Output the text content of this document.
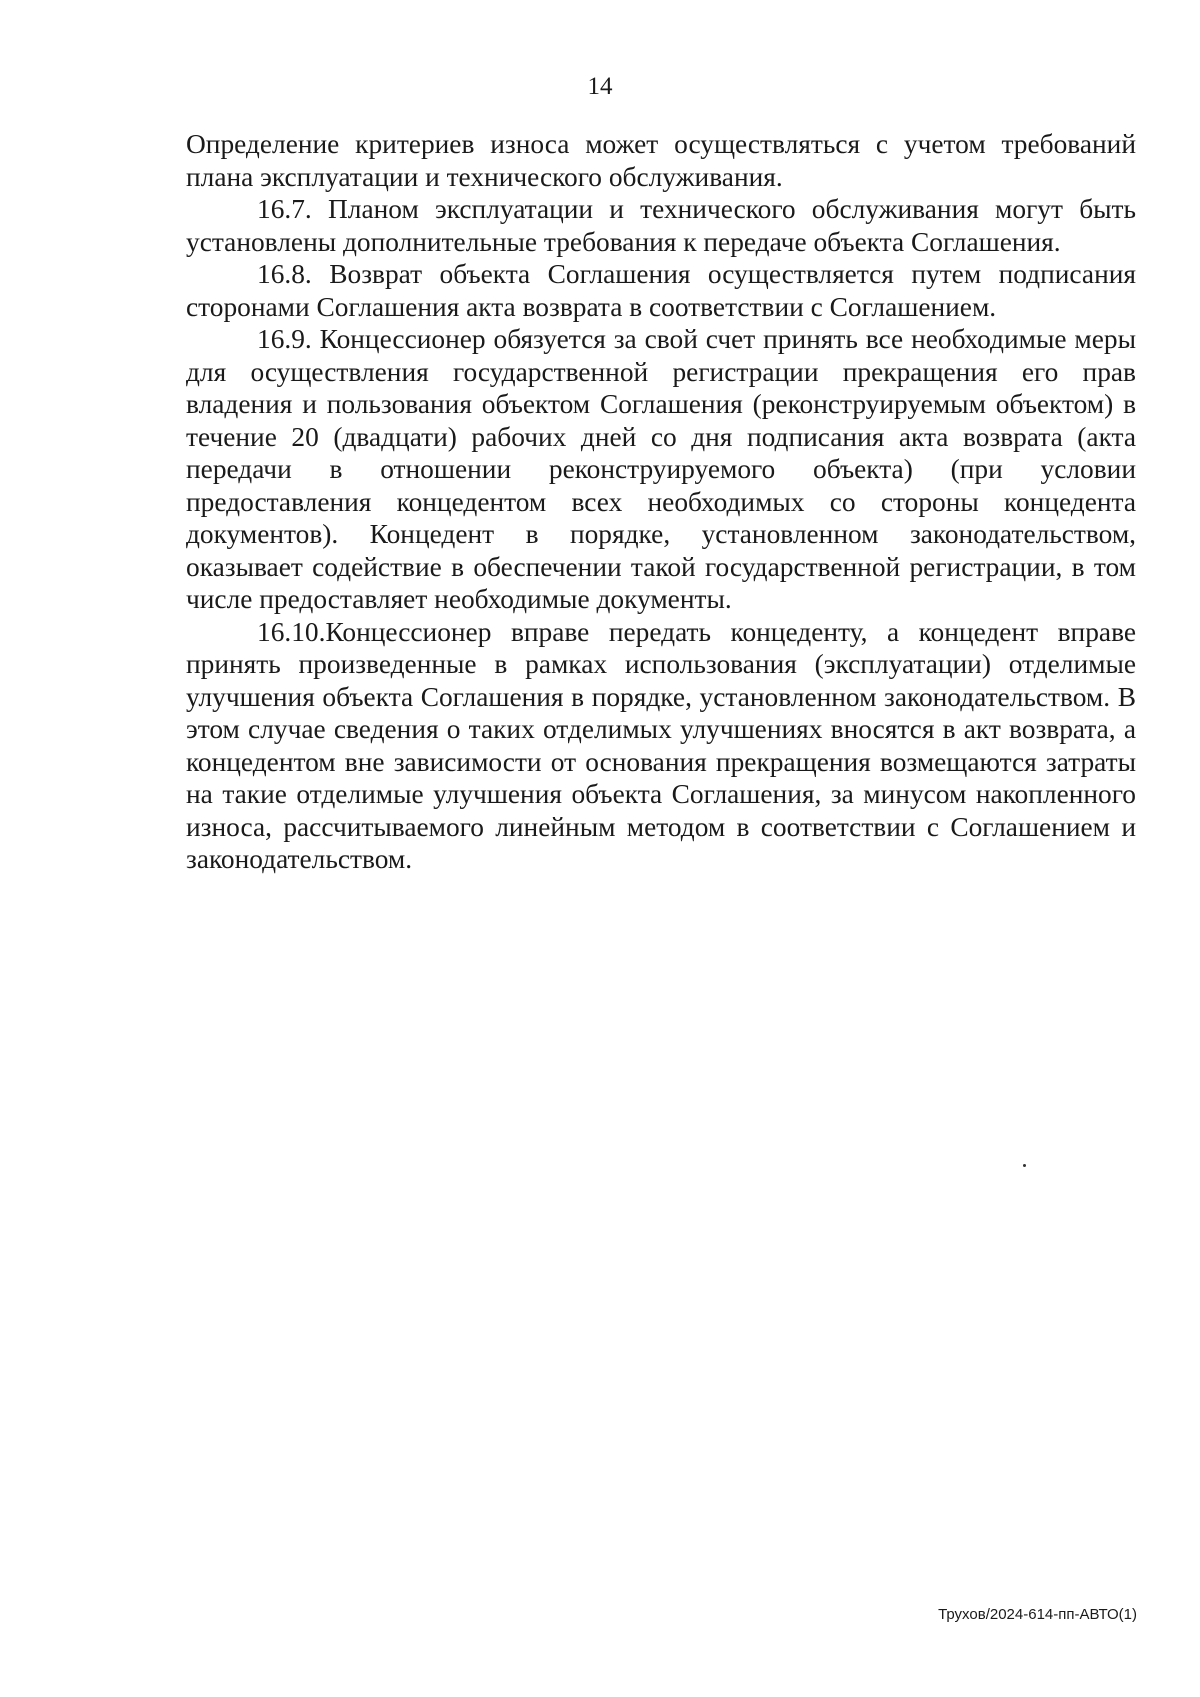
14

Определение критериев износа может осуществляться с учетом требований плана эксплуатации и технического обслуживания.

16.7. Планом эксплуатации и технического обслуживания могут быть установлены дополнительные требования к передаче объекта Соглашения.

16.8. Возврат объекта Соглашения осуществляется путем подписания сторонами Соглашения акта возврата в соответствии с Соглашением.

16.9. Концессионер обязуется за свой счет принять все необходимые меры для осуществления государственной регистрации прекращения его прав владения и пользования объектом Соглашения (реконструируемым объектом) в течение 20 (двадцати) рабочих дней со дня подписания акта возврата (акта передачи в отношении реконструируемого объекта) (при условии предоставления концедентом всех необходимых со стороны концедента документов). Концедент в порядке, установленном законодательством, оказывает содействие в обеспечении такой государственной регистрации, в том числе предоставляет необходимые документы.

16.10.Концессионер вправе передать концеденту, а концедент вправе принять произведенные в рамках использования (эксплуатации) отделимые улучшения объекта Соглашения в порядке, установленном законодательством. В этом случае сведения о таких отделимых улучшениях вносятся в акт возврата, а концедентом вне зависимости от основания прекращения возмещаются затраты на такие отделимые улучшения объекта Соглашения, за минусом накопленного износа, рассчитываемого линейным методом в соответствии с Соглашением и законодательством.

Трухов/2024-614-пп-АВТО(1)
